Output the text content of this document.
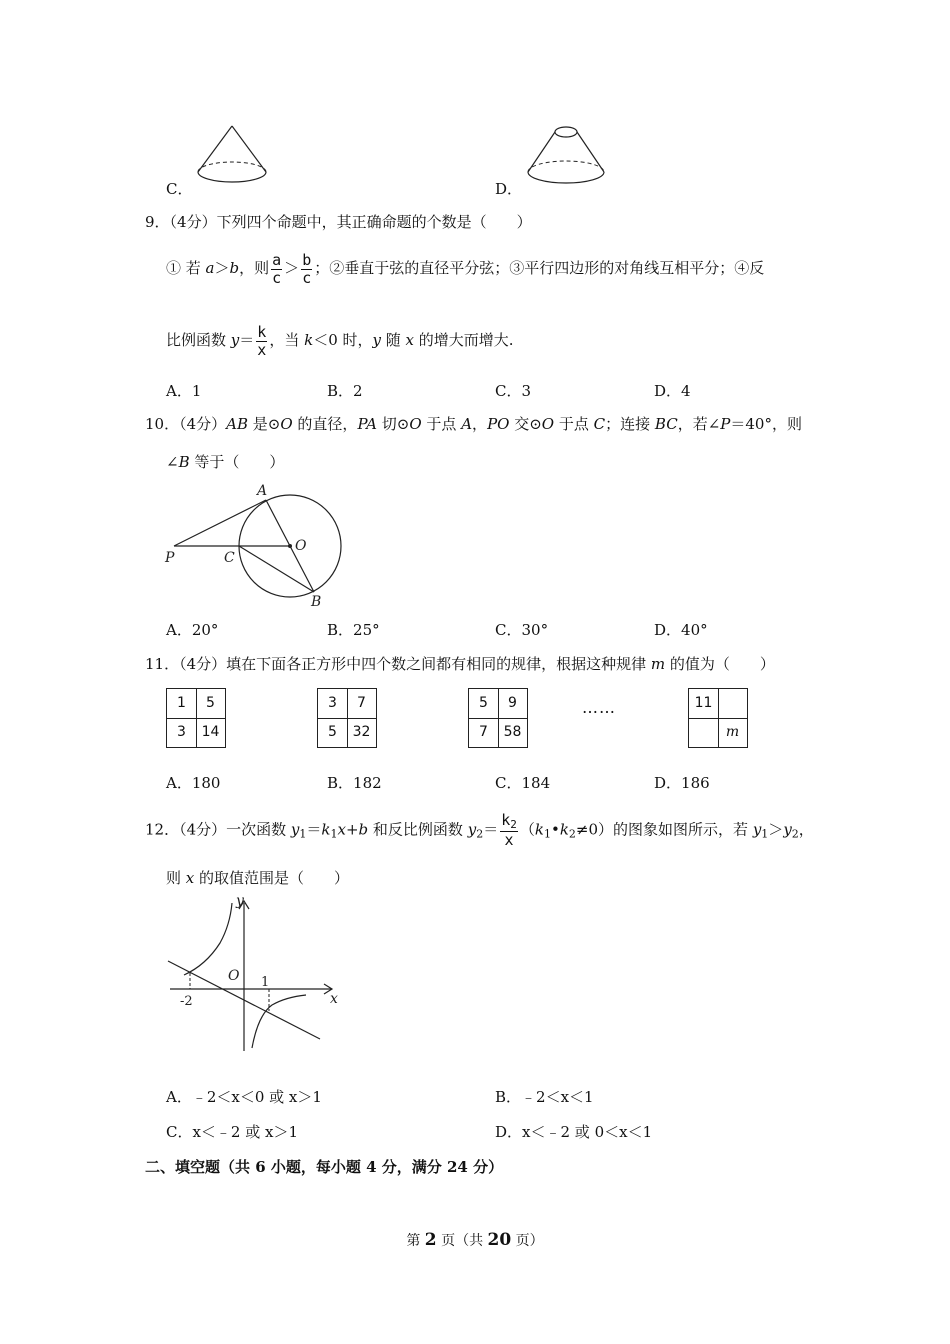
C．	D．
9．（4分）下列四个命题中，其正确命题的个数是（　　）
① 若 a＞b，则 $\frac{a}{c} > \frac{b}{c}$ ；②垂直于弦的直径平分弦；③平行四边形的对角线互相平分；④反
比例函数 $y= \frac{k}{x}$ ，当 k＜0 时，y 随 x 的增大而增大.
A．1	B．2	C．3	D．4
10．（4分）AB 是⊙O 的直径，PA 切⊙O 于点 A，PO 交⊙O 于点 C；连接 BC，若∠P＝40°，则
∠B 等于（　　）
A
O
P	C
B
A．20°	B．25°	C．30°	D．40°
11．（4分）填在下面各正方形中四个数之间都有相同的规律，根据这种规律 m 的值为（　　）
1	5
3	14
3	7
5	32
5	9
7	58
……	11
m
A．180	B．182	C．184	D．186
12．（4分）一次函数 $y_1=k_1x+b$ 和反比例函数 $y_2= \frac{k_2}{x}$ $(k_1•k_2\ne 0)$的图象如图所示，若 $y_1>y_2$，
则 x 的取值范围是（　　）
y
x
O
-2
1
A．﹣2＜x＜0 或 x＞1	B．﹣2＜x＜1
C．x＜﹣2 或 x＞1	D．x＜﹣2 或 0＜x＜1
二、填空题（共 6 小题，每小题 4 分，满分 24 分）
第 2 页（共 20 页）
